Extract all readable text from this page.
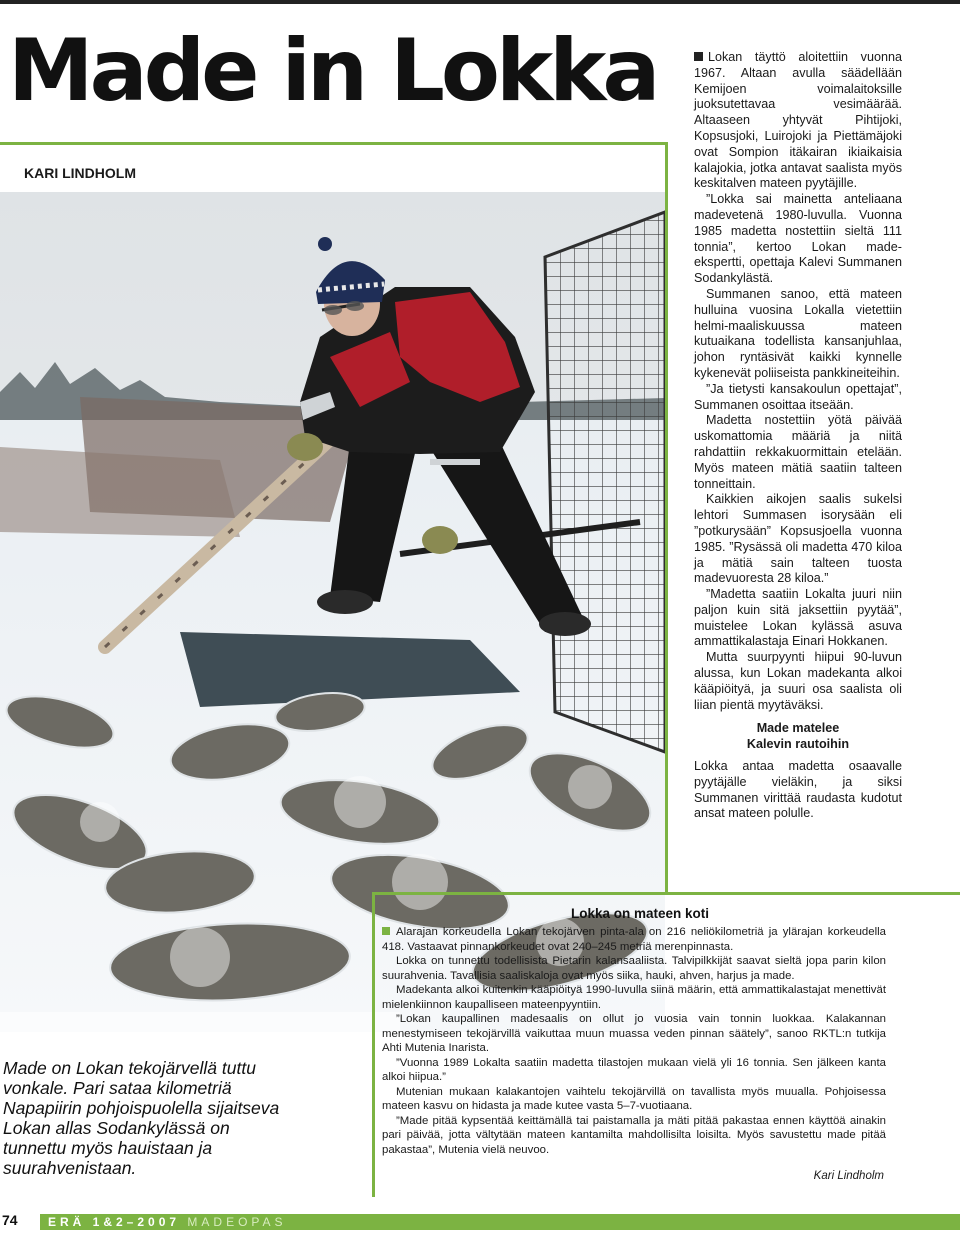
Made in Lokka
KARI LINDHOLM

Lokan täyttö aloitettiin vuonna 1967. Altaan avulla säädellään Kemijoen voimalaitoksille juoksutettavaa vesimäärää. Altaaseen yhtyvät Pihtijoki, Kopsusjoki, Luirojoki ja Piettämäjoki ovat Sompion itäkairan ikiaikaisia kalajokia, jotka antavat saalista myös keskitalven mateen pyytäjille.

”Lokka sai mainetta anteliaana madevetenä 1980-luvulla. Vuonna 1985 madetta nostettiin sieltä 111 tonnia”, kertoo Lokan made-ekspertti, opettaja Kalevi Summanen Sodankylästä.

Summanen sanoo, että mateen hulluina vuosina Lokalla vietettiin helmi-maaliskuussa mateen kutuaikana todellista kansanjuhlaa, johon ryntäsivät kaikki kynnelle kykenevät poliiseista pankkineiteihin.

”Ja tietysti kansakoulun opettajat”, Summanen osoittaa itseään.

Madetta nostettiin yötä päivää uskomattomia määriä ja niitä rahdattiin rekkakuormittain etelään. Myös mateen mätiä saatiin talteen tonneittain.

Kaikkien aikojen saalis sukelsi lehtori Summasen isorysään eli ”potkurysään” Kopsusjoella vuonna 1985. ”Rysässä oli madetta 470 kiloa ja mätiä sain talteen tuosta madevuoresta 28 kiloa.”

”Madetta saatiin Lokalta juuri niin paljon kuin sitä jaksettiin pyytää”, muistelee Lokan kylässä asuva ammattikalastaja Einari Hokkanen.

Mutta suurpyynti hiipui 90-luvun alussa, kun Lokan madekanta alkoi kääpiöityä, ja suuri osa saalista oli liian pientä myytäväksi.

Made matelee
Kalevin rautoihin

Lokka antaa madetta osaavalle pyytäjälle vieläkin, ja siksi Summanen virittää raudasta kudotut ansat mateen polulle.

Made on Lokan tekojärvellä tuttu vonkale. Pari sataa kilometriä Napapiirin pohjoispuolella sijaitseva Lokan allas Sodankylässä on tunnettu myös hauistaan ja suurahvenistaan.
Lokka on mateen koti

Alarajan korkeudella Lokan tekojärven pinta-ala on 216 neliökilometriä ja ylärajan korkeudella 418. Vastaavat pinnankorkeudet ovat 240–245 metriä merenpinnasta.

Lokka on tunnettu todellisista Pietarin kalansaaliista. Talvipilkkijät saavat sieltä jopa parin kilon suurahvenia. Tavallisia saaliskaloja ovat myös siika, hauki, ahven, harjus ja made.

Madekanta alkoi kuitenkin kääpiöityä 1990-luvulla siinä määrin, että ammattikalastajat menettivät mielenkiinnon kaupalliseen mateenpyyntiin.

”Lokan kaupallinen madesaalis on ollut jo vuosia vain tonnin luokkaa. Kalakannan menestymiseen tekojärvillä vaikuttaa muun muassa veden pinnan säätely”, sanoo RKTL:n tutkija Ahti Mutenia Inarista.

”Vuonna 1989 Lokalta saatiin madetta tilastojen mukaan vielä yli 16 tonnia. Sen jälkeen kanta alkoi hiipua.”

Mutenian mukaan kalakantojen vaihtelu tekojärvillä on tavallista myös muualla. Pohjoisessa mateen kasvu on hidasta ja made kutee vasta 5–7-vuotiaana.

”Made pitää kypsentää keittämällä tai paistamalla ja mäti pitää pakastaa ennen käyttöä ainakin pari päivää, jotta vältytään mateen kantamilta mahdollisilta loisilta. Myös savustettu made pitää pakastaa”, Mutenia vielä neuvoo.

Kari Lindholm
74	ERÄ 1&2–2007 MADEOPAS
